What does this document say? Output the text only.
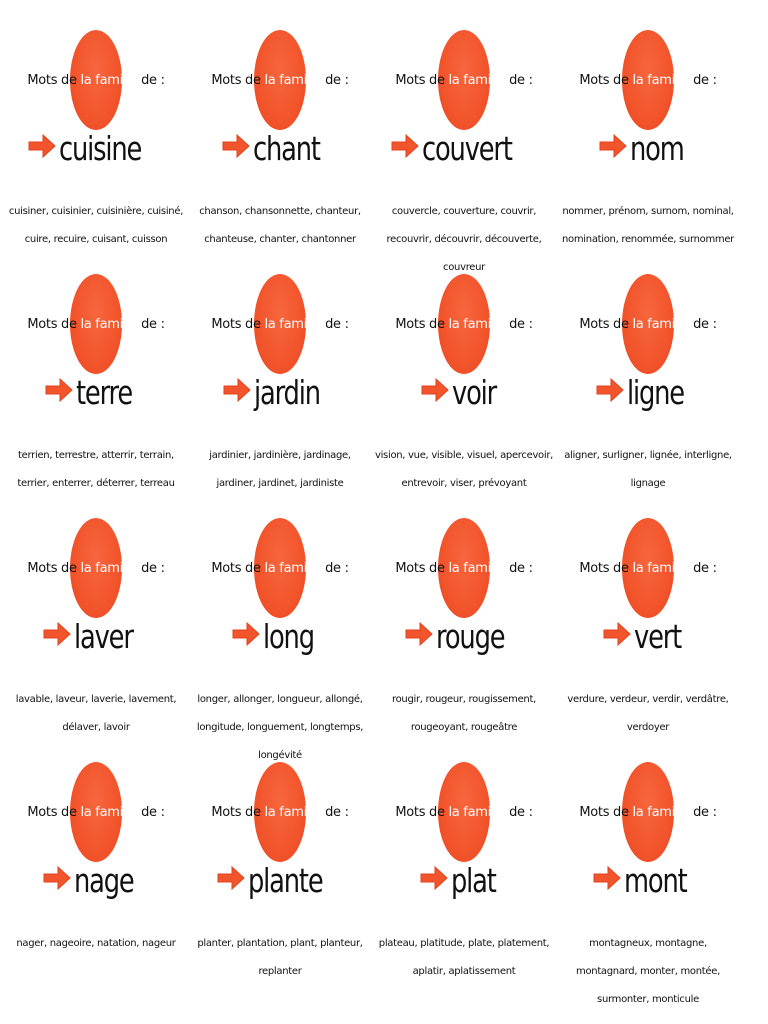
Mots de la famille de :
cuisine
cuisiner, cuisinier, cuisinière, cuisiné, cuire, recuire, cuisant, cuisson
Mots de la famille de :
chant
chanson, chansonnette, chanteur, chanteuse, chanter, chantonner
Mots de la famille de :
couvert
couvercle, couverture, couvrir, recouvrir, découvrir, découverte, couvreur
Mots de la famille de :
nom
nommer, prénom, surnom, nominal, nomination, renommée, surnommer
Mots de la famille de :
terre
terrien, terrestre, atterrir, terrain, terrier, enterrer, déterrer, terreau
Mots de la famille de :
jardin
jardinier, jardinière, jardinage, jardiner, jardinet, jardiniste
Mots de la famille de :
voir
vision, vue, visible, visuel, apercevoir, entrevoir, viser, prévoyant
Mots de la famille de :
ligne
aligner, surligner, lignée, interligne, lignage
Mots de la famille de :
laver
lavable, laveur, laverie, lavement, délaver, lavoir
Mots de la famille de :
long
longer, allonger, longueur, allongé, longitude, longuement, longtemps, longévité
Mots de la famille de :
rouge
rougir, rougeur, rougissement, rougeoyant, rougeâtre
Mots de la famille de :
vert
verdure, verdeur, verdir, verdâtre, verdoyer
Mots de la famille de :
nage
nager, nageoire, natation, nageur
Mots de la famille de :
plante
planter, plantation, plant, planteur, replanter
Mots de la famille de :
plat
plateau, platitude, plate, platement, aplatir, aplatissement
Mots de la famille de :
mont
montagneux, montagne, montagnard, monter, montée, surmonter, monticule
